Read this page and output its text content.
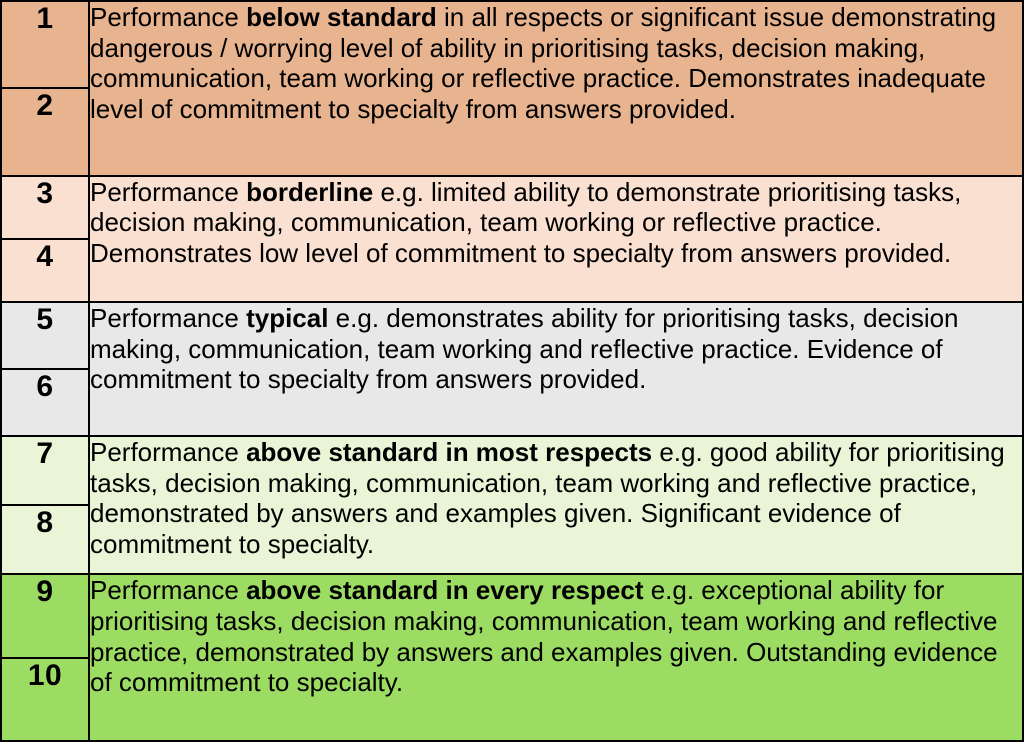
1	Performance below standard in all respects or significant issue demonstrating dangerous / worrying level of ability in prioritising tasks, decision making, communication, team working or reflective practice. Demonstrates inadequate level of commitment to specialty from answers provided.
2	
3	Performance borderline e.g. limited ability to demonstrate prioritising tasks, decision making, communication, team working or reflective practice. Demonstrates low level of commitment to specialty from answers provided.
4	
5	Performance typical e.g. demonstrates ability for prioritising tasks, decision making, communication, team working and reflective practice. Evidence of commitment to specialty from answers provided.
6	
7	Performance above standard in most respects e.g. good ability for prioritising tasks, decision making, communication, team working and reflective practice, demonstrated by answers and examples given. Significant evidence of commitment to specialty.
8	
9	Performance above standard in every respect e.g. exceptional ability for prioritising tasks, decision making, communication, team working and reflective practice, demonstrated by answers and examples given. Outstanding evidence of commitment to specialty.
10	
